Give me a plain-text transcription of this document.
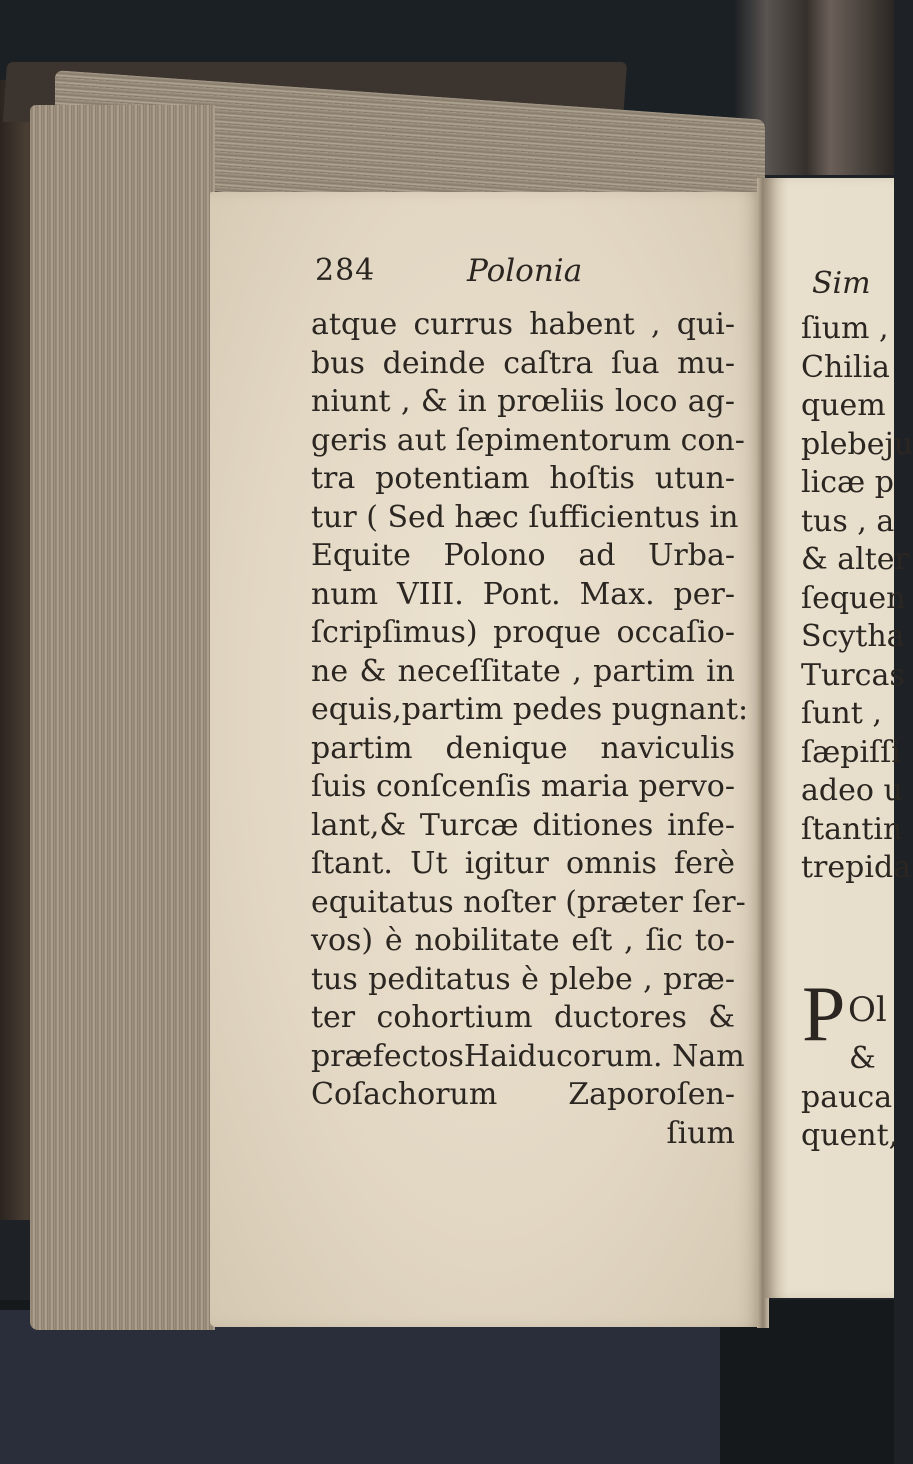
284	Polonia
atque currus habent , qui-
bus deinde caſtra ſua mu-
niunt , & in prœliis loco ag-
geris aut ſepimentorum con-
tra potentiam hoſtis utun-
tur ( Sed hæc ſufficientus in
Equite Polono ad Urba-
num VIII. Pont. Max. per-
ſcripſimus) proque occaſio-
ne & neceſſitate , partim in
equis,partim pedes pugnant:
partim denique naviculis
ſuis conſcenſis maria pervo-
lant,& Turcæ ditiones infe-
ſtant. Ut igitur omnis ferè
equitatus noſter (præter ſer-
vos) è nobilitate eſt , ſic to-
tus peditatus è plebe , præ-
ter cohortium ductores &
præfectosHaiducorum. Nam
Coſachorum Zaporoſen-
ſium
Sim
ſium ,
Chilia
quem
plebeju
licæ p
tus , a
& alter
ſequen
Scytha
Turcas
ſunt ,
ſæpiſſi
adeo u
ſtantin
trepida
P Ol
&
pauca
quent,
